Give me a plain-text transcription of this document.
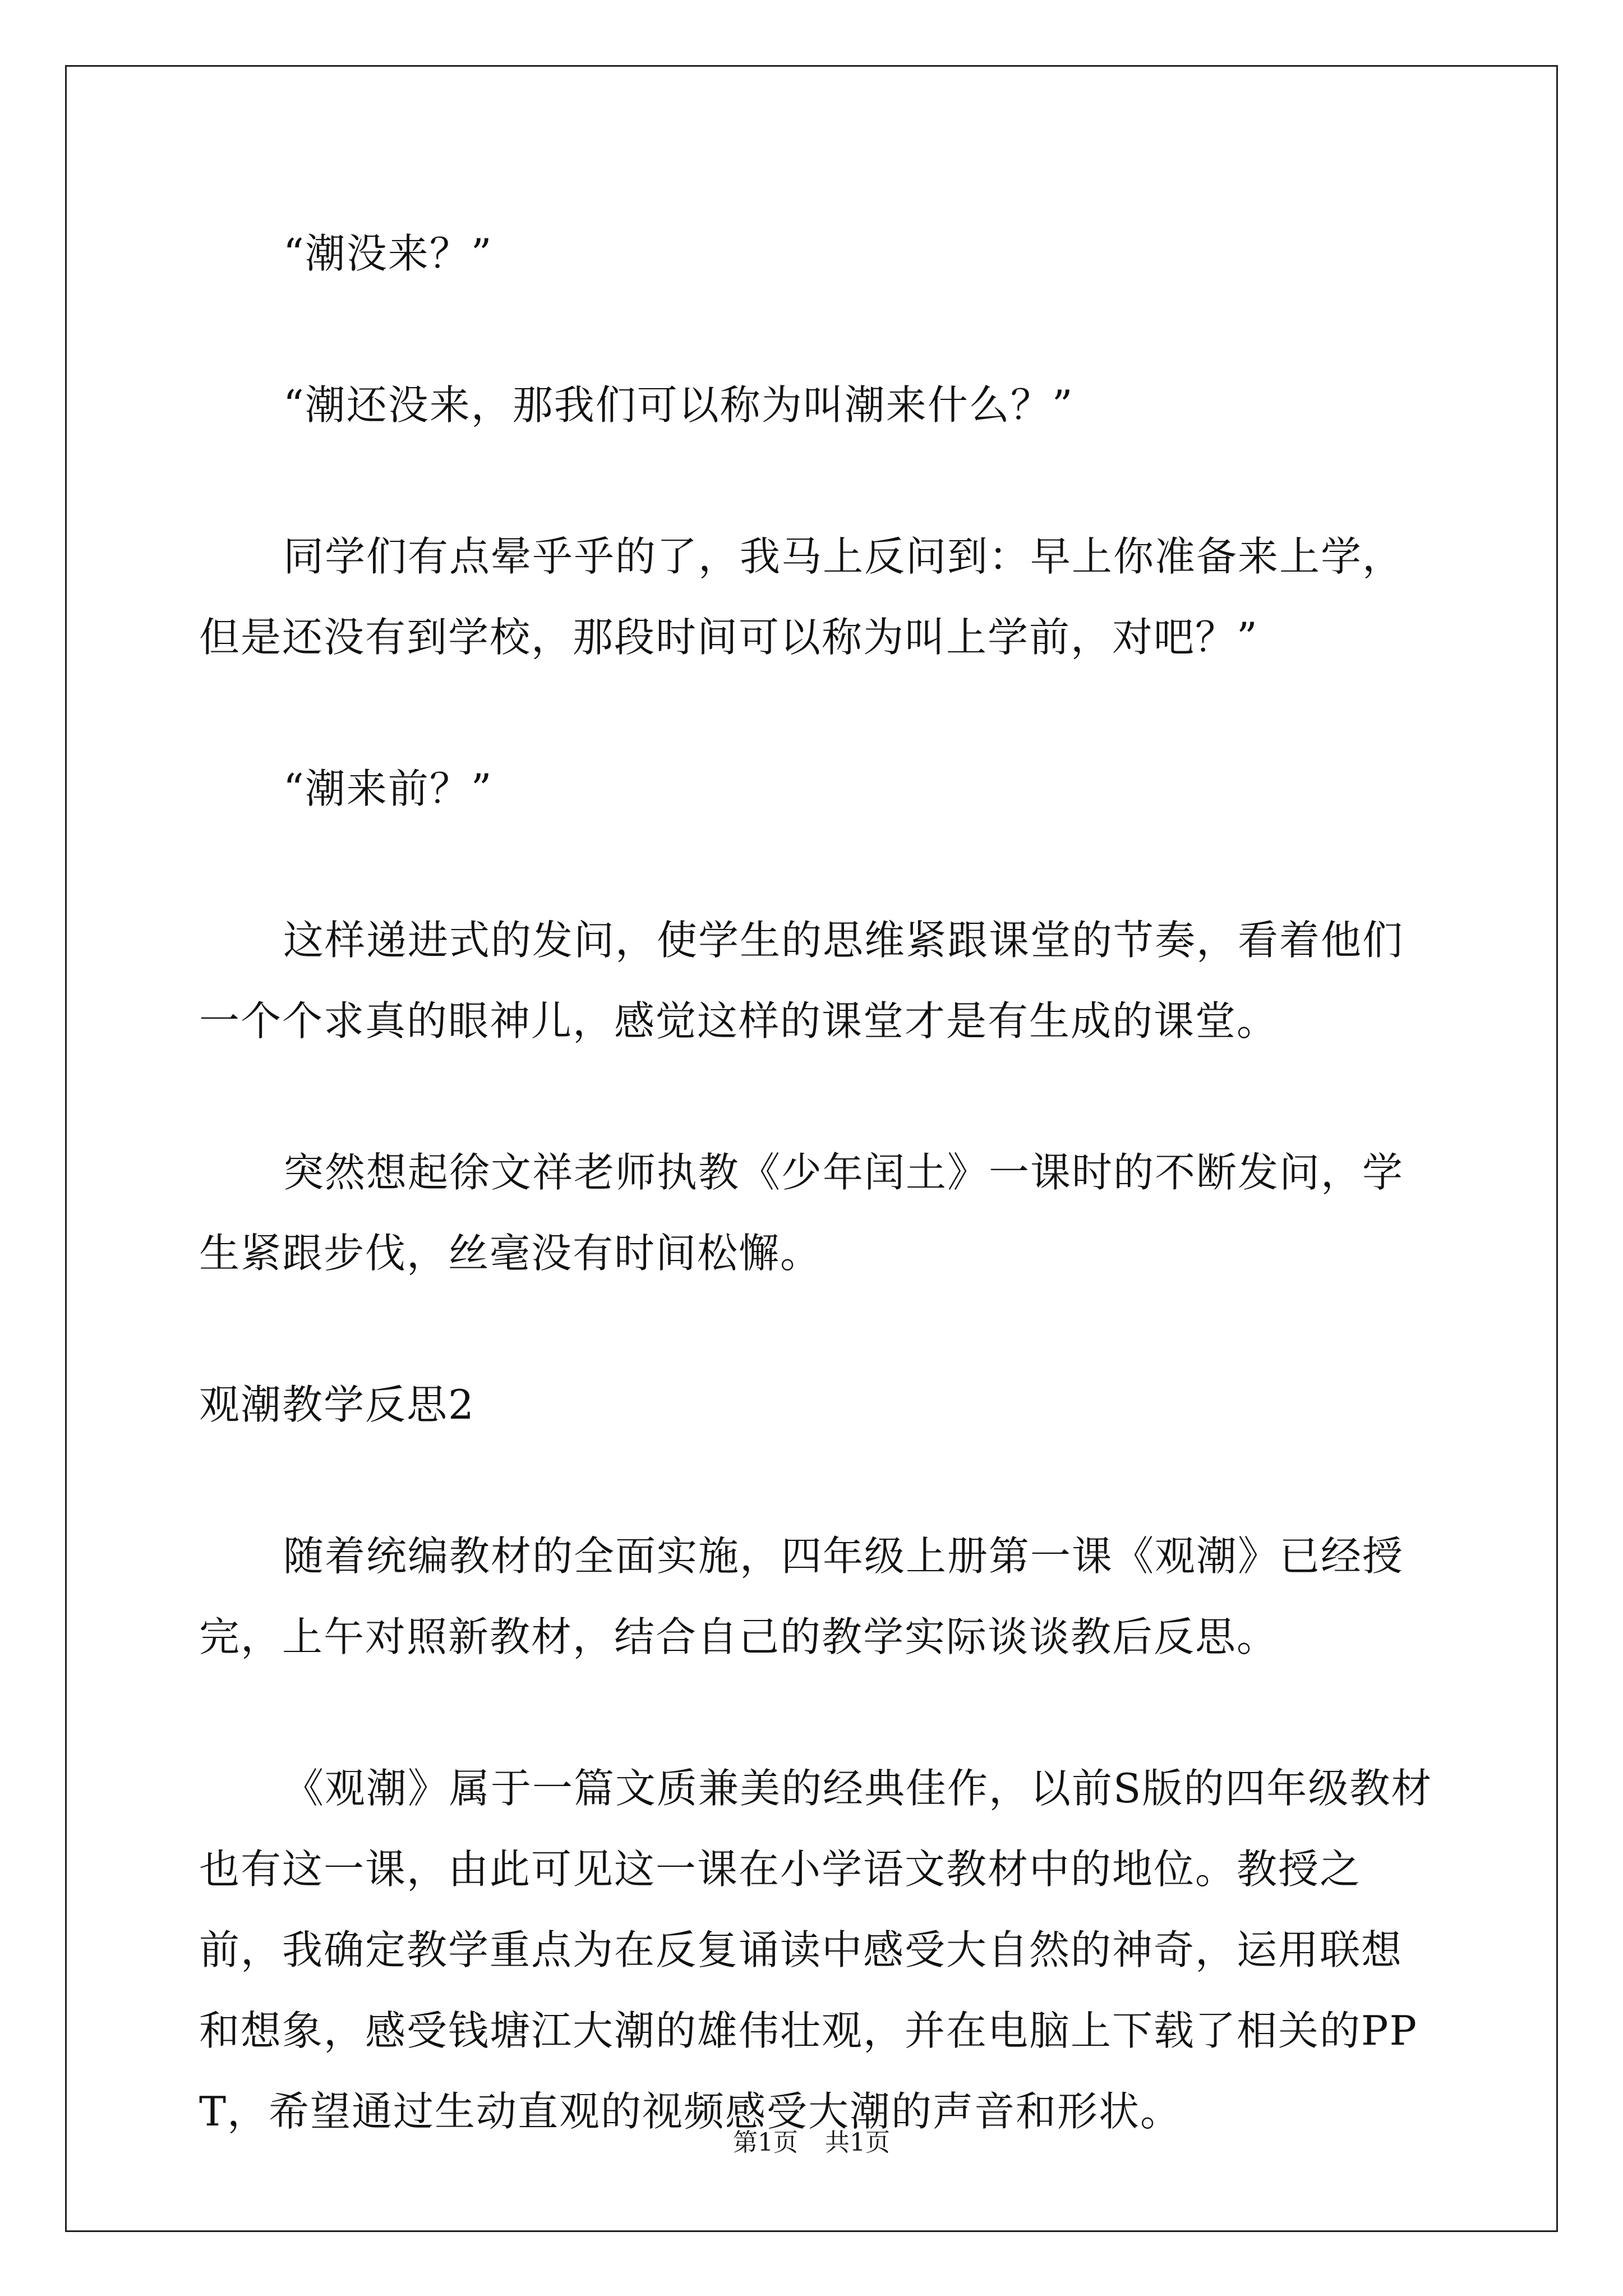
“潮没来？”

“潮还没来，那我们可以称为叫潮来什么？”

同学们有点晕乎乎的了，我马上反问到：早上你准备来上学，但是还没有到学校，那段时间可以称为叫上学前，对吧？”

“潮来前？”

这样递进式的发问，使学生的思维紧跟课堂的节奏，看着他们一个个求真的眼神儿，感觉这样的课堂才是有生成的课堂。

突然想起徐文祥老师执教《少年闰土》一课时的不断发问，学生紧跟步伐，丝毫没有时间松懈。

观潮教学反思2

随着统编教材的全面实施，四年级上册第一课《观潮》已经授完，上午对照新教材，结合自己的教学实际谈谈教后反思。

《观潮》属于一篇文质兼美的经典佳作，以前S版的四年级教材也有这一课，由此可见这一课在小学语文教材中的地位。教授之前，我确定教学重点为在反复诵读中感受大自然的神奇，运用联想和想象，感受钱塘江大潮的雄伟壮观，并在电脑上下载了相关的PPT，希望通过生动直观的视频感受大潮的声音和形状。

第1页 共1页
